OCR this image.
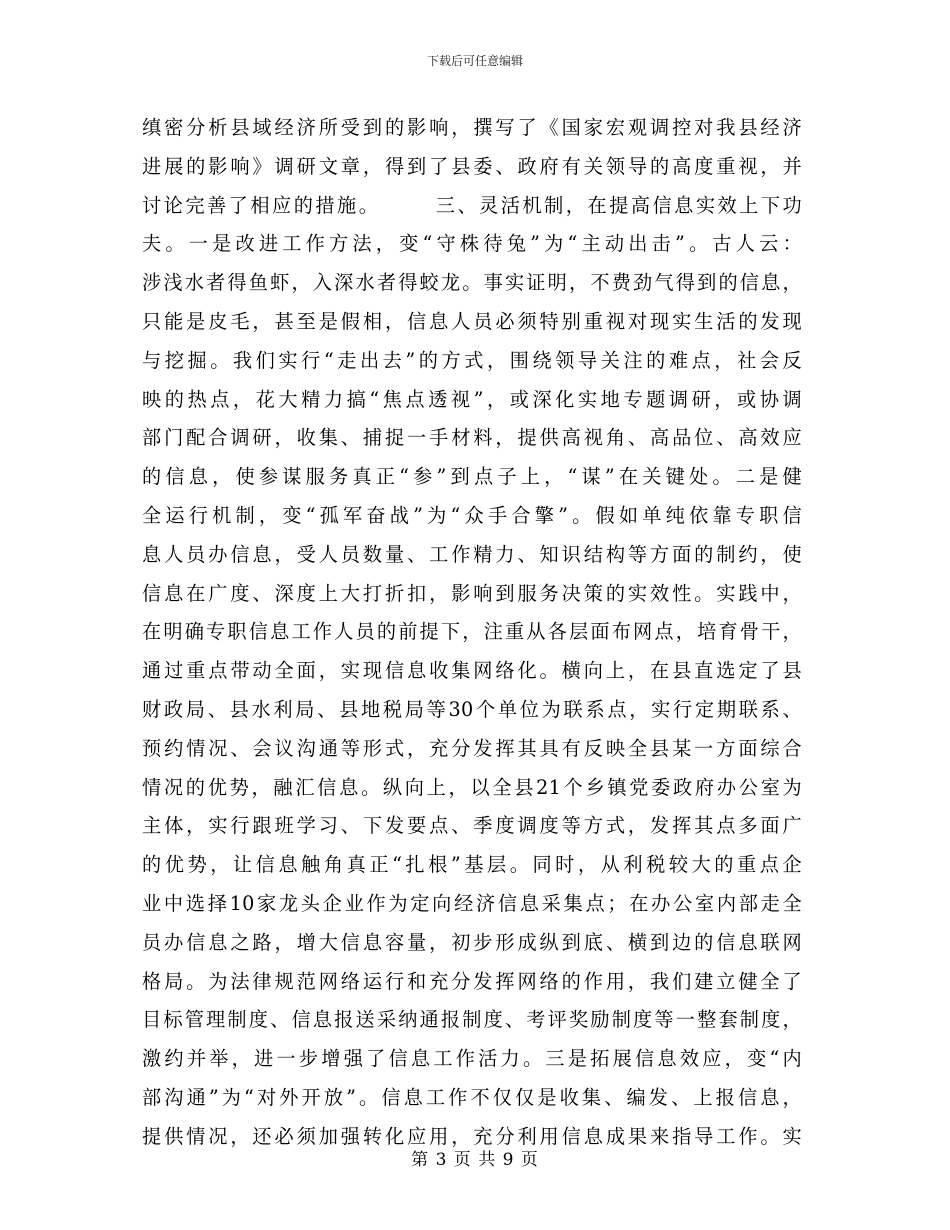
下载后可任意编辑
缜密分析县域经济所受到的影响，撰写了《国家宏观调控对我县经济
进展的影响》调研文章，得到了县委、政府有关领导的高度重视，并
讨论完善了相应的措施。　　　三、灵活机制，在提高信息实效上下功
夫。一是改进工作方法，变“守株待兔”为“主动出击”。古人云：
涉浅水者得鱼虾，入深水者得蛟龙。事实证明，不费劲气得到的信息，
只能是皮毛，甚至是假相，信息人员必须特别重视对现实生活的发现
与挖掘。我们实行“走出去”的方式，围绕领导关注的难点，社会反
映的热点，花大精力搞“焦点透视”，或深化实地专题调研，或协调
部门配合调研，收集、捕捉一手材料，提供高视角、高品位、高效应
的信息，使参谋服务真正“参”到点子上，“谋”在关键处。二是健
全运行机制，变“孤军奋战”为“众手合擎”。假如单纯依靠专职信
息人员办信息，受人员数量、工作精力、知识结构等方面的制约，使
信息在广度、深度上大打折扣，影响到服务决策的实效性。实践中，
在明确专职信息工作人员的前提下，注重从各层面布网点，培育骨干，
通过重点带动全面，实现信息收集网络化。横向上，在县直选定了县
财政局、县水利局、县地税局等30个单位为联系点，实行定期联系、
预约情况、会议沟通等形式，充分发挥其具有反映全县某一方面综合
情况的优势，融汇信息。纵向上，以全县21个乡镇党委政府办公室为
主体，实行跟班学习、下发要点、季度调度等方式，发挥其点多面广
的优势，让信息触角真正“扎根”基层。同时，从利税较大的重点企
业中选择10家龙头企业作为定向经济信息采集点；在办公室内部走全
员办信息之路，增大信息容量，初步形成纵到底、横到边的信息联网
格局。为法律规范网络运行和充分发挥网络的作用，我们建立健全了
目标管理制度、信息报送采纳通报制度、考评奖励制度等一整套制度，
激约并举，进一步增强了信息工作活力。三是拓展信息效应，变“内
部沟通”为“对外开放”。信息工作不仅仅是收集、编发、上报信息，
提供情况，还必须加强转化应用，充分利用信息成果来指导工作。实
第 3 页 共 9 页
